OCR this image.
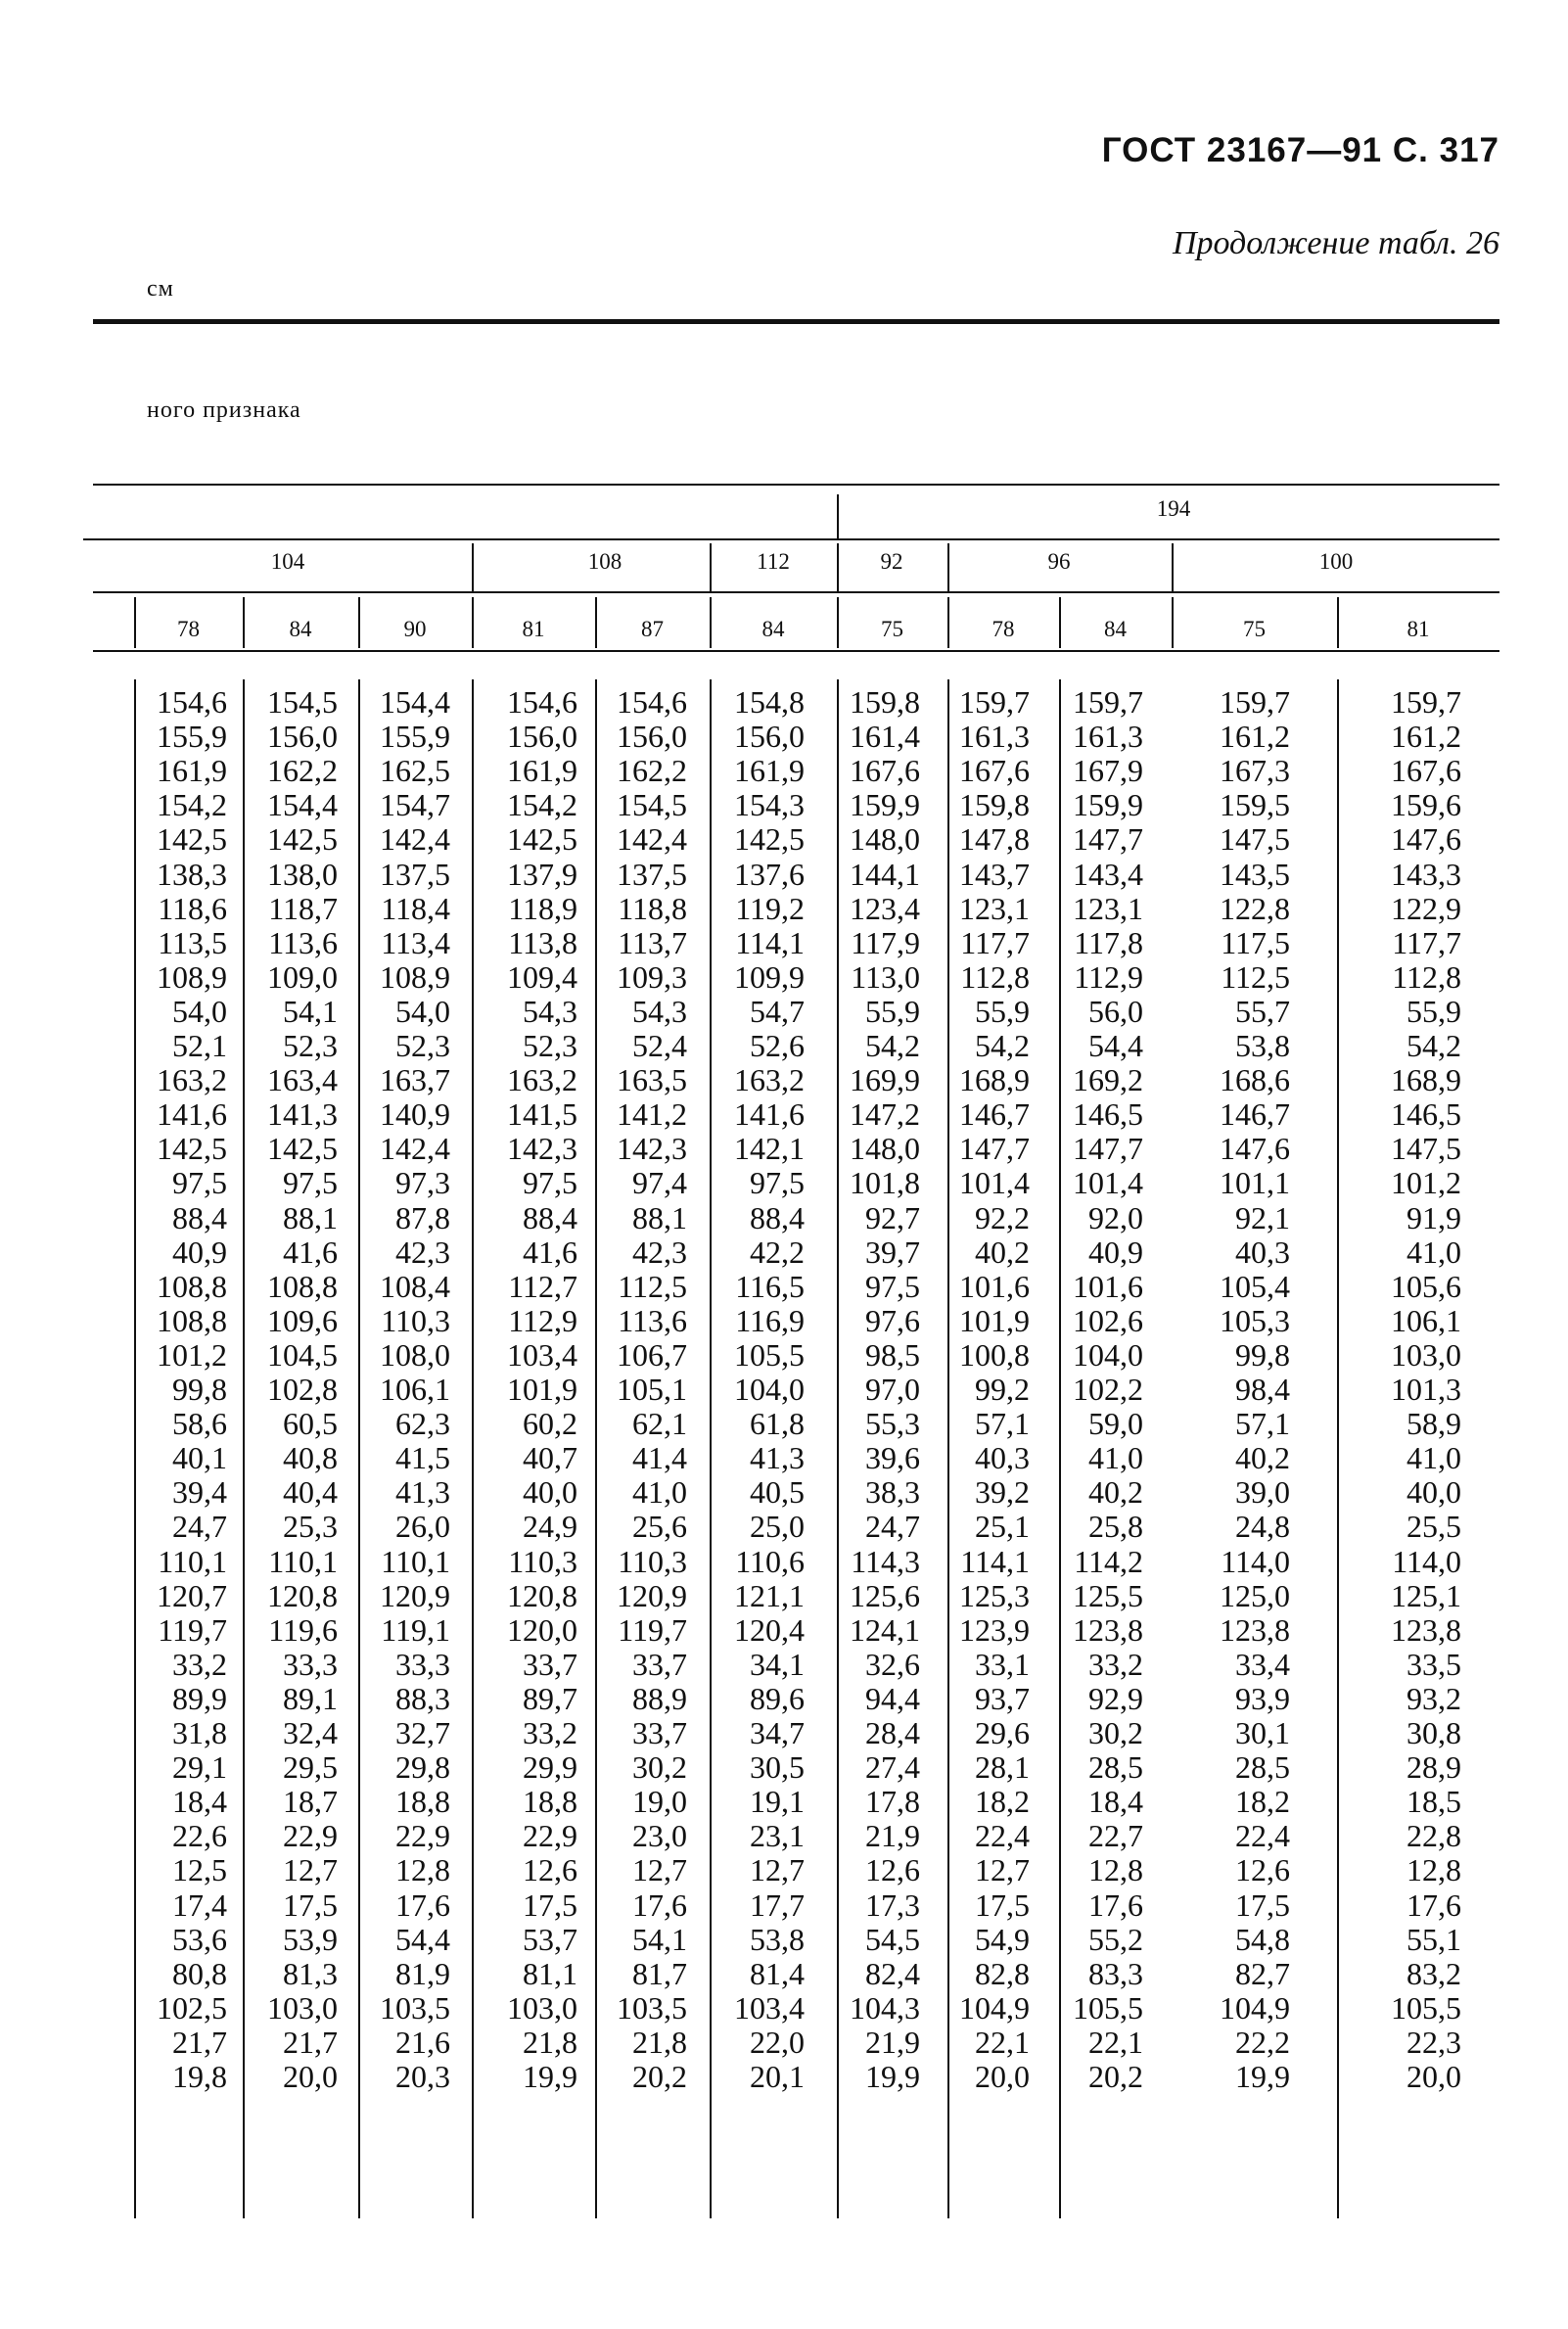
ГОСТ 23167—91 С. 317
Продолжение табл. 26
см
ного признака
194
104	108	112	92	96	100
78	84	90	81	87	84	75	78	84	75	81
154,6	154,5	154,4	154,6	154,6	154,8	159,8	159,7	159,7	159,7	159,7
155,9	156,0	155,9	156,0	156,0	156,0	161,4	161,3	161,3	161,2	161,2
161,9	162,2	162,5	161,9	162,2	161,9	167,6	167,6	167,9	167,3	167,6
154,2	154,4	154,7	154,2	154,5	154,3	159,9	159,8	159,9	159,5	159,6
142,5	142,5	142,4	142,5	142,4	142,5	148,0	147,8	147,7	147,5	147,6
138,3	138,0	137,5	137,9	137,5	137,6	144,1	143,7	143,4	143,5	143,3
118,6	118,7	118,4	118,9	118,8	119,2	123,4	123,1	123,1	122,8	122,9
113,5	113,6	113,4	113,8	113,7	114,1	117,9	117,7	117,8	117,5	117,7
108,9	109,0	108,9	109,4	109,3	109,9	113,0	112,8	112,9	112,5	112,8
54,0	54,1	54,0	54,3	54,3	54,7	55,9	55,9	56,0	55,7	55,9
52,1	52,3	52,3	52,3	52,4	52,6	54,2	54,2	54,4	53,8	54,2
163,2	163,4	163,7	163,2	163,5	163,2	169,9	168,9	169,2	168,6	168,9
141,6	141,3	140,9	141,5	141,2	141,6	147,2	146,7	146,5	146,7	146,5
142,5	142,5	142,4	142,3	142,3	142,1	148,0	147,7	147,7	147,6	147,5
97,5	97,5	97,3	97,5	97,4	97,5	101,8	101,4	101,4	101,1	101,2
88,4	88,1	87,8	88,4	88,1	88,4	92,7	92,2	92,0	92,1	91,9
40,9	41,6	42,3	41,6	42,3	42,2	39,7	40,2	40,9	40,3	41,0
108,8	108,8	108,4	112,7	112,5	116,5	97,5	101,6	101,6	105,4	105,6
108,8	109,6	110,3	112,9	113,6	116,9	97,6	101,9	102,6	105,3	106,1
101,2	104,5	108,0	103,4	106,7	105,5	98,5	100,8	104,0	99,8	103,0
99,8	102,8	106,1	101,9	105,1	104,0	97,0	99,2	102,2	98,4	101,3
58,6	60,5	62,3	60,2	62,1	61,8	55,3	57,1	59,0	57,1	58,9
40,1	40,8	41,5	40,7	41,4	41,3	39,6	40,3	41,0	40,2	41,0
39,4	40,4	41,3	40,0	41,0	40,5	38,3	39,2	40,2	39,0	40,0
24,7	25,3	26,0	24,9	25,6	25,0	24,7	25,1	25,8	24,8	25,5
110,1	110,1	110,1	110,3	110,3	110,6	114,3	114,1	114,2	114,0	114,0
120,7	120,8	120,9	120,8	120,9	121,1	125,6	125,3	125,5	125,0	125,1
119,7	119,6	119,1	120,0	119,7	120,4	124,1	123,9	123,8	123,8	123,8
33,2	33,3	33,3	33,7	33,7	34,1	32,6	33,1	33,2	33,4	33,5
89,9	89,1	88,3	89,7	88,9	89,6	94,4	93,7	92,9	93,9	93,2
31,8	32,4	32,7	33,2	33,7	34,7	28,4	29,6	30,2	30,1	30,8
29,1	29,5	29,8	29,9	30,2	30,5	27,4	28,1	28,5	28,5	28,9
18,4	18,7	18,8	18,8	19,0	19,1	17,8	18,2	18,4	18,2	18,5
22,6	22,9	22,9	22,9	23,0	23,1	21,9	22,4	22,7	22,4	22,8
12,5	12,7	12,8	12,6	12,7	12,7	12,6	12,7	12,8	12,6	12,8
17,4	17,5	17,6	17,5	17,6	17,7	17,3	17,5	17,6	17,5	17,6
53,6	53,9	54,4	53,7	54,1	53,8	54,5	54,9	55,2	54,8	55,1
80,8	81,3	81,9	81,1	81,7	81,4	82,4	82,8	83,3	82,7	83,2
102,5	103,0	103,5	103,0	103,5	103,4	104,3	104,9	105,5	104,9	105,5
21,7	21,7	21,6	21,8	21,8	22,0	21,9	22,1	22,1	22,2	22,3
19,8	20,0	20,3	19,9	20,2	20,1	19,9	20,0	20,2	19,9	20,0
